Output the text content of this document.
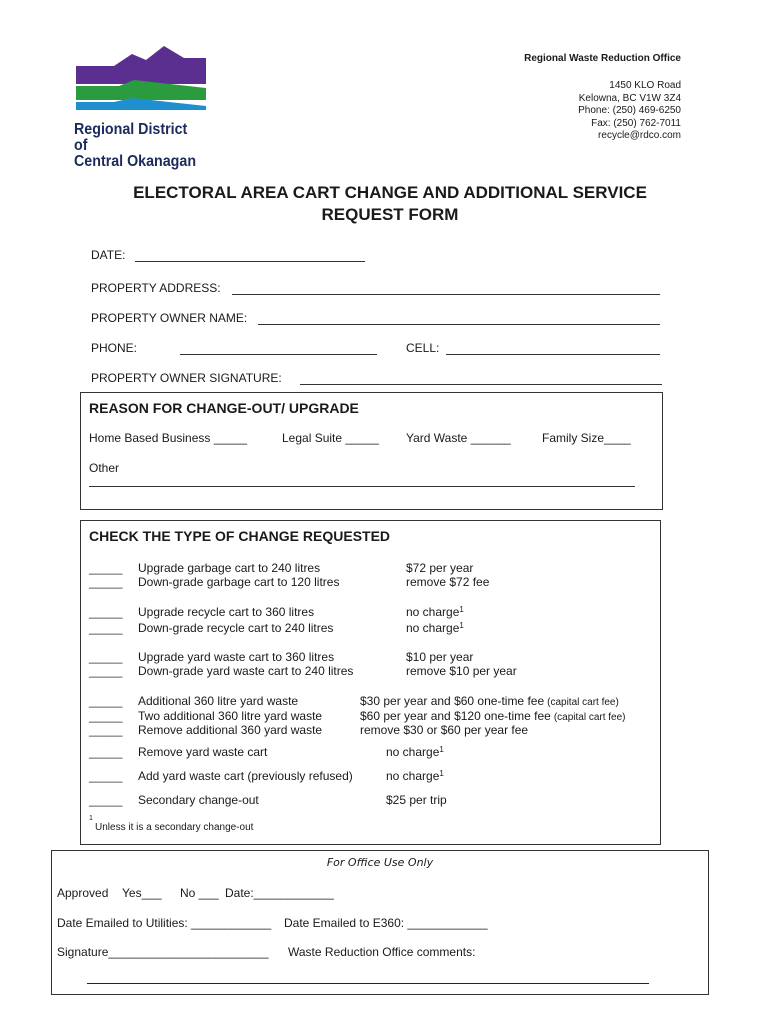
Regional District of
Central Okanagan
Regional Waste Reduction Office
1450 KLO Road
Kelowna, BC V1W 3Z4
Phone: (250) 469-6250
Fax: (250) 762-7011
recycle@rdco.com
ELECTORAL AREA CART CHANGE AND ADDITIONAL SERVICE
REQUEST FORM
DATE:
PROPERTY ADDRESS:
PROPERTY OWNER NAME:
PHONE:	CELL:
PROPERTY OWNER SIGNATURE:
REASON FOR CHANGE-OUT/ UPGRADE
Home Based Business _____	Legal Suite _____ Yard Waste ______	Family Size____
Other
CHECK THE TYPE OF CHANGE REQUESTED
_____ Upgrade garbage cart to 240 litres	$72 per year
_____ Down-grade garbage cart to 120 litres	remove $72 fee
_____ Upgrade recycle cart to 360 litres	no charge$^1$
_____ Down-grade recycle cart to 240 litres	no charge$^1$
_____ Upgrade yard waste cart to 360 litres	$10 per year
_____ Down-grade yard waste cart to 240 litres	remove $10 per year
_____ Additional 360 litre yard waste	$30 per year and $60 one-time fee (capital cart fee)
_____ Two additional 360 litre yard waste	$60 per year and $120 one-time fee (capital cart fee)
_____ Remove additional 360 yard waste	remove $30 or $60 per year fee
_____ Remove yard waste cart	no charge$^1$
_____ Add yard waste cart (previously refused)	no charge$^1$
_____ Secondary change-out	$25 per trip
1
Unless it is a secondary change-out
For Office Use Only
Approved Yes___ No ___ Date:____________
Date Emailed to Utilities: ____________ Date Emailed to E360: ____________
Signature________________________ Waste Reduction Office comments:
